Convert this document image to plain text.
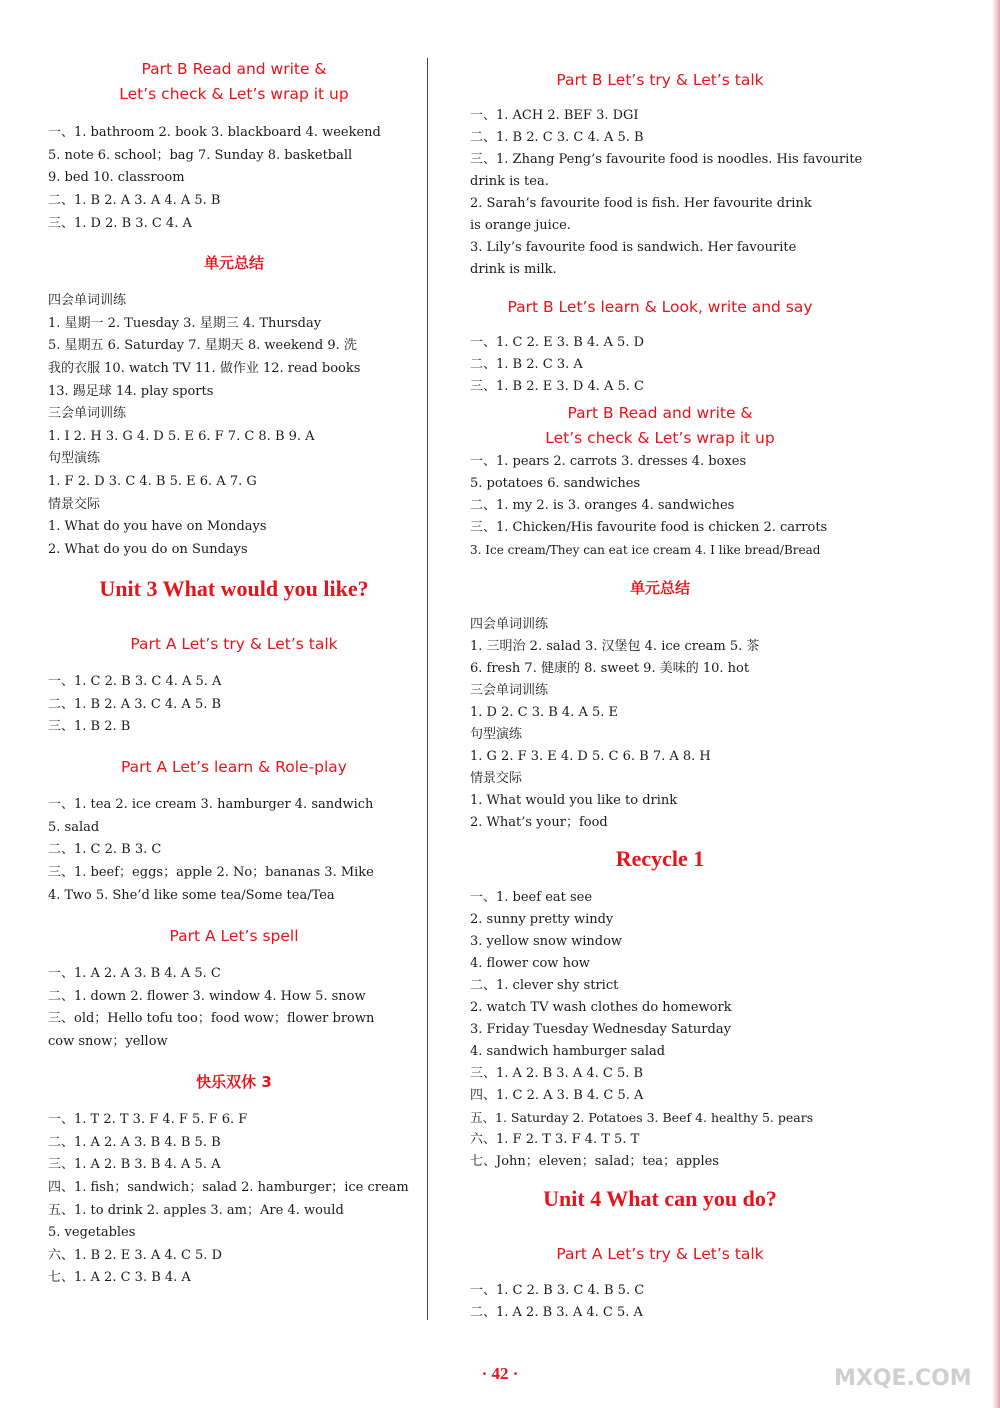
Part B Read and write &
Let’s check & Let’s wrap it up
一、1. bathroom 2. book 3. blackboard 4. weekend
5. note 6. school；bag 7. Sunday 8. basketball
9. bed 10. classroom
二、1. B 2. A 3. A 4. A 5. B
三、1. D 2. B 3. C 4. A
单元总结
四会单词训练
1. 星期一 2. Tuesday 3. 星期三 4. Thursday
5. 星期五 6. Saturday 7. 星期天 8. weekend 9. 洗
我的衣服 10. watch TV 11. 做作业 12. read books
13. 踢足球 14. play sports
三会单词训练
1. I 2. H 3. G 4. D 5. E 6. F 7. C 8. B 9. A
句型演练
1. F 2. D 3. C 4. B 5. E 6. A 7. G
情景交际
1. What do you have on Mondays
2. What do you do on Sundays
Unit 3 What would you like?
Part A Let’s try & Let’s talk
一、1. C 2. B 3. C 4. A 5. A
二、1. B 2. A 3. C 4. A 5. B
三、1. B 2. B
Part A Let’s learn & Role-play
一、1. tea 2. ice cream 3. hamburger 4. sandwich
5. salad
二、1. C 2. B 3. C
三、1. beef；eggs；apple 2. No；bananas 3. Mike
4. Two 5. She’d like some tea/Some tea/Tea
Part A Let’s spell
一、1. A 2. A 3. B 4. A 5. C
二、1. down 2. flower 3. window 4. How 5. snow
三、old；Hello tofu too；food wow；flower brown
cow snow；yellow
快乐双休 3
一、1. T 2. T 3. F 4. F 5. F 6. F
二、1. A 2. A 3. B 4. B 5. B
三、1. A 2. B 3. B 4. A 5. A
四、1. fish；sandwich；salad 2. hamburger；ice cream
五、1. to drink 2. apples 3. am；Are 4. would
5. vegetables
六、1. B 2. E 3. A 4. C 5. D
七、1. A 2. C 3. B 4. A
Part B Let’s try & Let’s talk
一、1. ACH 2. BEF 3. DGI
二、1. B 2. C 3. C 4. A 5. B
三、1. Zhang Peng’s favourite food is noodles. His favourite
drink is tea.
2. Sarah’s favourite food is fish. Her favourite drink
is orange juice.
3. Lily’s favourite food is sandwich. Her favourite
drink is milk.
Part B Let’s learn & Look, write and say
一、1. C 2. E 3. B 4. A 5. D
二、1. B 2. C 3. A
三、1. B 2. E 3. D 4. A 5. C
Part B Read and write &
Let’s check & Let’s wrap it up
一、1. pears 2. carrots 3. dresses 4. boxes
5. potatoes 6. sandwiches
二、1. my 2. is 3. oranges 4. sandwiches
三、1. Chicken/His favourite food is chicken 2. carrots
3. Ice cream/They can eat ice cream 4. I like bread/Bread
单元总结
四会单词训练
1. 三明治 2. salad 3. 汉堡包 4. ice cream 5. 茶
6. fresh 7. 健康的 8. sweet 9. 美味的 10. hot
三会单词训练
1. D 2. C 3. B 4. A 5. E
句型演练
1. G 2. F 3. E 4. D 5. C 6. B 7. A 8. H
情景交际
1. What would you like to drink
2. What’s your；food
Recycle 1
一、1. beef eat see
2. sunny pretty windy
3. yellow snow window
4. flower cow how
二、1. clever shy strict
2. watch TV wash clothes do homework
3. Friday Tuesday Wednesday Saturday
4. sandwich hamburger salad
三、1. A 2. B 3. A 4. C 5. B
四、1. C 2. A 3. B 4. C 5. A
五、1. Saturday 2. Potatoes 3. Beef 4. healthy 5. pears
六、1. F 2. T 3. F 4. T 5. T
七、John；eleven；salad；tea；apples
Unit 4 What can you do?
Part A Let’s try & Let’s talk
一、1. C 2. B 3. C 4. B 5. C
二、1. A 2. B 3. A 4. C 5. A
· 42 ·	MXQE.COM
